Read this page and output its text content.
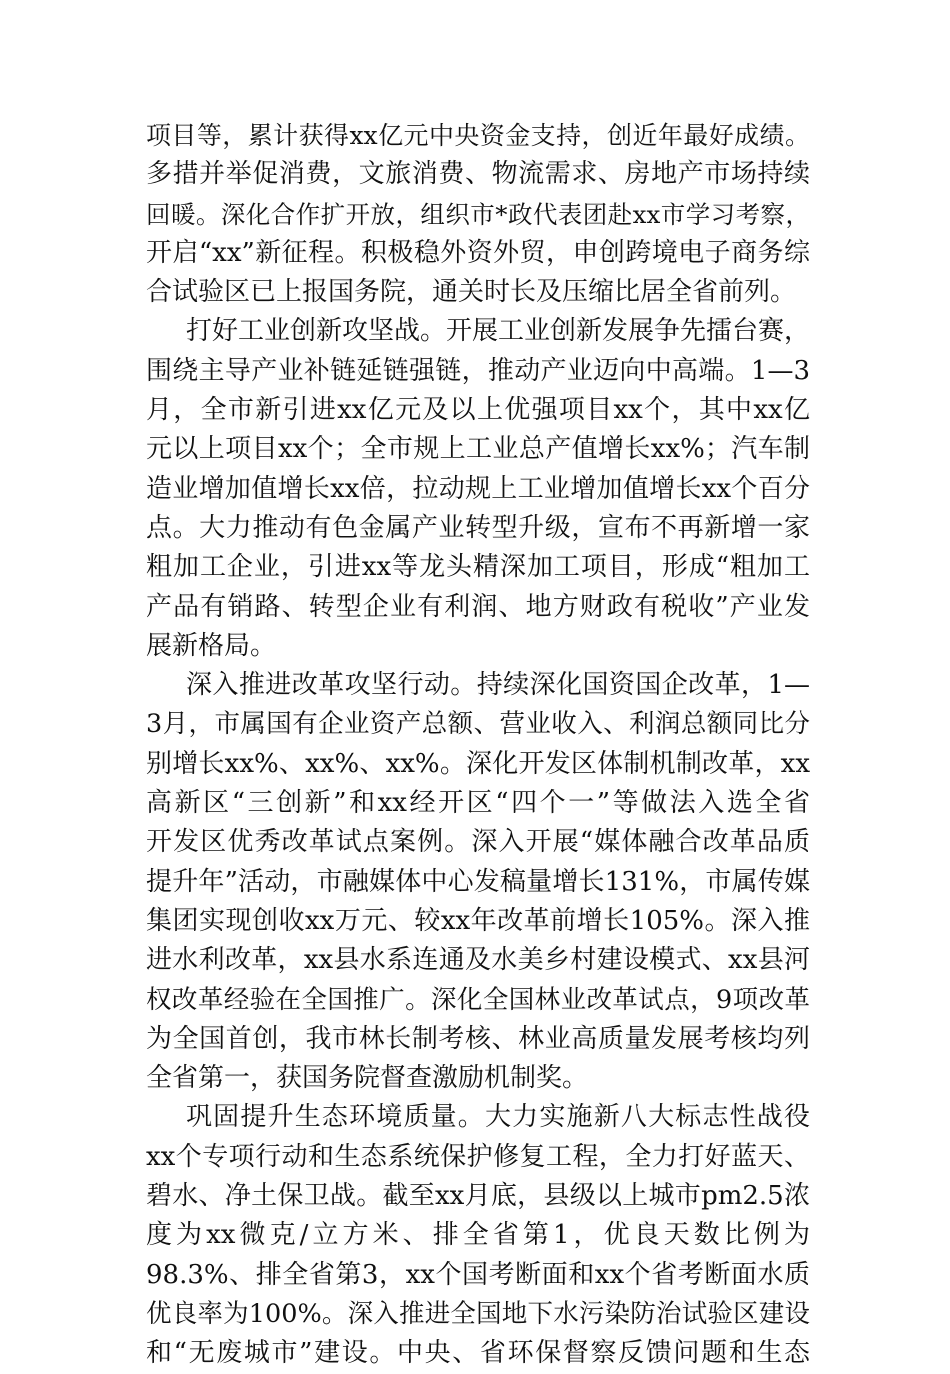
项目等，累计获得xx亿元中央资金支持，创近年最好成绩。
多措并举促消费，文旅消费、物流需求、房地产市场持续
回暖。深化合作扩开放，组织市*政代表团赴xx市学习考察，
开启“xx”新征程。积极稳外资外贸，申创跨境电子商务综
合试验区已上报国务院，通关时长及压缩比居全省前列。
打好工业创新攻坚战。开展工业创新发展争先擂台赛，
围绕主导产业补链延链强链，推动产业迈向中高端。1—3
月，全市新引进xx亿元及以上优强项目xx个，其中xx亿
元以上项目xx个；全市规上工业总产值增长xx%；汽车制
造业增加值增长xx倍，拉动规上工业增加值增长xx个百分
点。大力推动有色金属产业转型升级，宣布不再新增一家
粗加工企业，引进xx等龙头精深加工项目，形成“粗加工
产品有销路、转型企业有利润、地方财政有税收”产业发
展新格局。
深入推进改革攻坚行动。持续深化国资国企改革，1—
3月，市属国有企业资产总额、营业收入、利润总额同比分
别增长xx%、xx%、xx%。深化开发区体制机制改革，xx
高新区“三创新”和xx经开区“四个一”等做法入选全省
开发区优秀改革试点案例。深入开展“媒体融合改革品质
提升年”活动，市融媒体中心发稿量增长131%，市属传媒
集团实现创收xx万元、较xx年改革前增长105%。深入推
进水利改革，xx县水系连通及水美乡村建设模式、xx县河
权改革经验在全国推广。深化全国林业改革试点，9项改革
为全国首创，我市林长制考核、林业高质量发展考核均列
全省第一，获国务院督查激励机制奖。
巩固提升生态环境质量。大力实施新八大标志性战役
xx个专项行动和生态系统保护修复工程，全力打好蓝天、
碧水、净土保卫战。截至xx月底，县级以上城市pm2.5浓
度为xx微克/立方米、排全省第1，优良天数比例为
98.3%、排全省第3，xx个国考断面和xx个省考断面水质
优良率为100%。深入推进全国地下水污染防治试验区建设
和“无废城市”建设。中央、省环保督察反馈问题和生态
